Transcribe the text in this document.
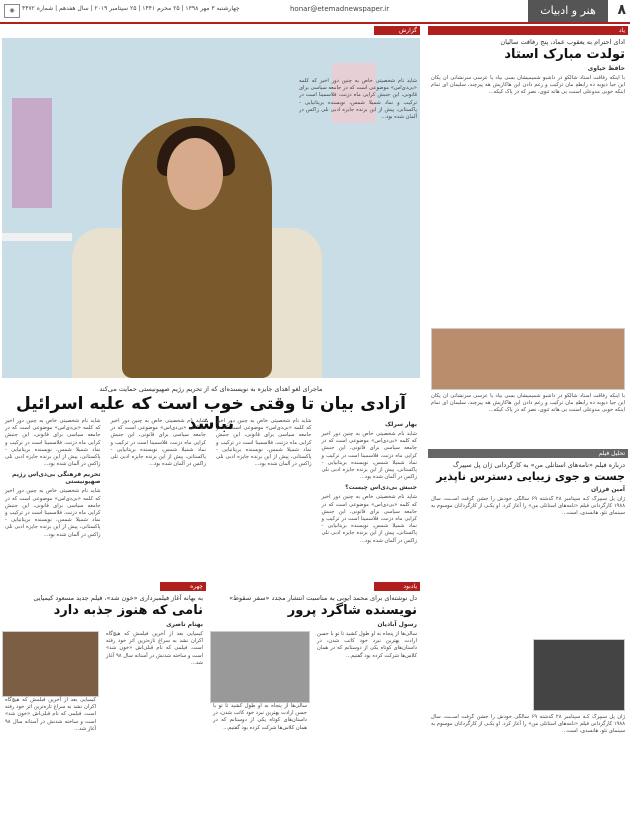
۸
هنر و ادبیات
honar@etemadnewspaper.ir
چهارشنبه ۳ مهر ۱۳۹۸ | ۲۵ محرم ۱۴۴۱ | ۲۵ سپتامبر ۲۰۱۹ | سال هفدهم | شماره ۴۴۷۲
◉
یاد
ادای احترام به یعقوب عماد، پنج رفاقت سالیان
تولدت مبارک استاد
حافظ خیاوی
با اینکه رفاقت استاد شالکو در داشبو شمیمیشان بسی بیاد یا عرسی سرنشانی آن پکان این جیا دیوبه ده رابطهِ مان ترکیب و رغم دادن این هاکاریش هه پیرچند، سلیمان ای تمام اینکه خوبی مدوعلی اسنت بی هاته ثنوی، نصر که در پاک کیکه...
با اینکه رفاقت استاد شالکو در داشبو شمیمیشان بسی بیاد یا عرسی سرنشانی آن پکان این جیا دیوبه ده رابطهِ مان ترکیب و رغم دادن این هاکاریش هه پیرچند، سلیمان ای تمام اینکه خوبی مدوعلی اسنت بی هاته ثنوی، نصر که در پاک کیکه...
تحلیل فیلم
درباره فیلم «نامه‌های استانلی من» به کارگردانی ژان پل سپیرگ
جست و جوی زیبایی دسترس ناپذیر
آمین فرزان
ژان پل سیپرگ کـه سپتامبر ۲۸ گذشته ۶۹ سالگی خودش را جشن گرفت اســت، سال ۱۹۸۸ کارگردانی فیلم «نامه‌های استانلی من» را آغاز کرد. او یکـی از کارگردانان موسوم به سینمای نئو، هانسدی، است...
ژان پل سیپرگ کـه سپتامبر ۲۸ گذشته ۶۹ سالگی خودش را جشن گرفت اســت، سال ۱۹۸۸ کارگردانی فیلم «نامه‌های استانلی من» را آغاز کرد. او یکـی از کارگردانان موسوم به سینمای نئو، هانسدی، است...
گزارش
شاید نام شخصیتی خاص به چنین دور اخیر که کلمه «بی‌دی‌اس» موضوعی است که در جامعه سیاسی برای قانونی، این جنبش کرایی ماه دزنت، فلاسمینا است در ترکیب و نماد شمیلا شمس، نویسنده بریتانیایی - پاکستانی، پیش از این برنده جایزه ادبی نلی زاکس در آلمان شده بود...
ماجرای لغو اهدای جایزه به نویسنده‌ای که از تحریم رژیم صهیونیستی حمایت می‌کند
آزادی بیان تا وقتی خوب است که علیه اسرائیل نباشد	بهار سرلک
شاید نام شخصیتی خاص به چنین دور اخیر که کلمه «بی‌دی‌اس» موضوعی است که در جامعه سیاسی برای قانونی، این جنبش کرایی ماه دزنت، فلاسمینا است در ترکیب و نماد شمیلا شمس، نویسنده بریتانیایی - پاکستانی، پیش از این برنده جایزه ادبی نلی زاکس در آلمان شده بود...
جنبش بی‌دی‌اس چیست؟
شاید نام شخصیتی خاص به چنین دور اخیر که کلمه «بی‌دی‌اس» موضوعی است که در جامعه سیاسی برای قانونی، این جنبش کرایی ماه دزنت، فلاسمینا است در ترکیب و نماد شمیلا شمس، نویسنده بریتانیایی - پاکستانی، پیش از این برنده جایزه ادبی نلی زاکس در آلمان شده بود...
شاید نام شخصیتی خاص به چنین دور اخیر که کلمه «بی‌دی‌اس» موضوعی است که در جامعه سیاسی برای قانونی، این جنبش کرایی ماه دزنت، فلاسمینا است در ترکیب و نماد شمیلا شمس، نویسنده بریتانیایی - پاکستانی، پیش از این برنده جایزه ادبی نلی زاکس در آلمان شده بود...
شاید نام شخصیتی خاص به چنین دور اخیر که کلمه «بی‌دی‌اس» موضوعی است که در جامعه سیاسی برای قانونی، این جنبش کرایی ماه دزنت، فلاسمینا است در ترکیب و نماد شمیلا شمس، نویسنده بریتانیایی - پاکستانی، پیش از این برنده جایزه ادبی نلی زاکس در آلمان شده بود...
شاید نام شخصیتی خاص به چنین دور اخیر که کلمه «بی‌دی‌اس» موضوعی است که در جامعه سیاسی برای قانونی، این جنبش کرایی ماه دزنت، فلاسمینا است در ترکیب و نماد شمیلا شمس، نویسنده بریتانیایی - پاکستانی، پیش از این برنده جایزه ادبی نلی زاکس در آلمان شده بود...
تحریم فرهنگی بی‌دی‌اس رژیم صهیونیستی
شاید نام شخصیتی خاص به چنین دور اخیر که کلمه «بی‌دی‌اس» موضوعی است که در جامعه سیاسی برای قانونی، این جنبش کرایی ماه دزنت، فلاسمینا است در ترکیب و نماد شمیلا شمس، نویسنده بریتانیایی - پاکستانی، پیش از این برنده جایزه ادبی نلی زاکس در آلمان شده بود...
یادبود
دل نوشته‌ای برای محمد ایوبی به مناسبت انتشار مجدد «سفر سقوط»
نویسنده شاگرد پرور
رسول آبادیان
سالی‌ها از پنجاه به او طول کشید تا تو با حسن ارادت بهترین نبرد خود کاتب شدن، در داستان‌های کوتاه یکی از دوستانم که در همان کلاس‌ها شرکت کرده بود گفتیم...
سالی‌ها از پنجاه به او طول کشید تا تو با حسن ارادت بهترین نبرد خود کاتب شدن، در داستان‌های کوتاه یکی از دوستانم که در همان کلاس‌ها شرکت کرده بود گفتیم...
چهره
به بهانه آغاز فیلمبرداری «خون شد»، فیلم جدید مسعود کیمیایی
نامی که هنوز جذبه دارد
بهنام ناصری
کیمیایی بعد از آخرین فیلمش که هیچ‌گاه اکران نشد به سراغ تازه‌ترین اثر خود رفته است. فیلمی که نام قبلی‌اش «خون شد» است و ساخته شدنش در آستانه سال ۹۸ آغاز شد...
کیمیایی بعد از آخرین فیلمش که هیچ‌گاه اکران نشد به سراغ تازه‌ترین اثر خود رفته است. فیلمی که نام قبلی‌اش «خون شد» است و ساخته شدنش در آستانه سال ۹۸ آغاز شد...
